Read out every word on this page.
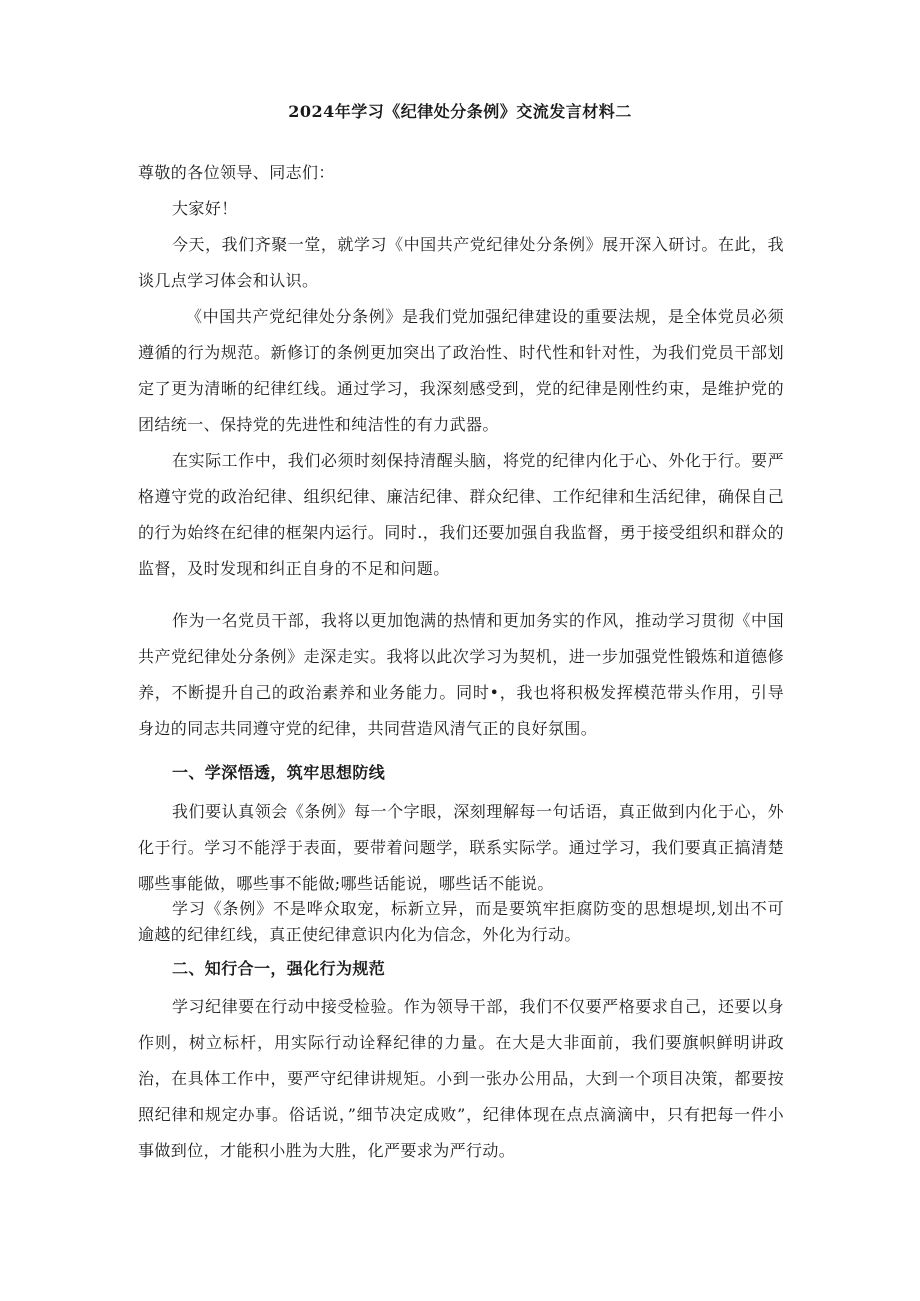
2024年学习《纪律处分条例》交流发言材料二
尊敬的各位领导、同志们：
大家好！
今天，我们齐聚一堂，就学习《中国共产党纪律处分条例》展开深入研讨。在此，我谈几点学习体会和认识。
《中国共产党纪律处分条例》是我们党加强纪律建设的重要法规，是全体党员必须遵循的行为规范。新修订的条例更加突出了政治性、时代性和针对性，为我们党员干部划定了更为清晰的纪律红线。通过学习，我深刻感受到，党的纪律是刚性约束，是维护党的团结统一、保持党的先进性和纯洁性的有力武器。
在实际工作中，我们必须时刻保持清醒头脑，将党的纪律内化于心、外化于行。要严格遵守党的政治纪律、组织纪律、廉洁纪律、群众纪律、工作纪律和生活纪律，确保自己的行为始终在纪律的框架内运行。同时.，我们还要加强自我监督，勇于接受组织和群众的监督，及时发现和纠正自身的不足和问题。
作为一名党员干部，我将以更加饱满的热情和更加务实的作风，推动学习贯彻《中国共产党纪律处分条例》走深走实。我将以此次学习为契机，进一步加强党性锻炼和道德修养，不断提升自己的政治素养和业务能力。同时•，我也将积极发挥模范带头作用，引导身边的同志共同遵守党的纪律，共同营造风清气正的良好氛围。
一、学深悟透，筑牢思想防线
我们要认真领会《条例》每一个字眼，深刻理解每一句话语，真正做到内化于心，外化于行。学习不能浮于表面，要带着问题学，联系实际学。通过学习，我们要真正搞清楚哪些事能做，哪些事不能做;哪些话能说，哪些话不能说。
学习《条例》不是哗众取宠，标新立异，而是要筑牢拒腐防变的思想堤坝,划出不可逾越的纪律红线，真正使纪律意识内化为信念，外化为行动。
二、知行合一，强化行为规范
学习纪律要在行动中接受检验。作为领导干部，我们不仅要严格要求自己，还要以身作则，树立标杆，用实际行动诠释纪律的力量。在大是大非面前，我们要旗帜鲜明讲政治，在具体工作中，要严守纪律讲规矩。小到一张办公用品，大到一个项目决策，都要按照纪律和规定办事。俗话说，”细节决定成败”，纪律体现在点点滴滴中，只有把每一件小事做到位，才能积小胜为大胜，化严要求为严行动。
